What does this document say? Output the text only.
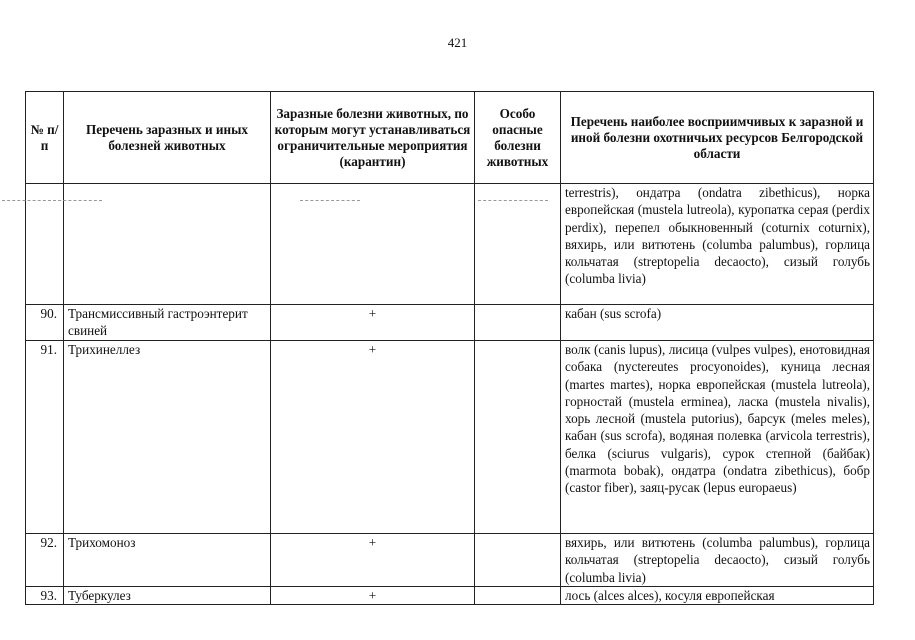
421
№ п/п	Перечень заразных и иных болезней животных	Заразные болезни животных, по которым могут устанавливаться ограничительные мероприятия (карантин)	Особо опасные болезни животных	Перечень наиболее восприимчивых к заразной и иной болезни охотничьих ресурсов Белгородской области
				terrestris), ондатра (ondatra zibethicus), норка европейская (mustela lutreola), куропатка серая (perdix perdix), перепел обыкновенный (coturnix coturnix), вяхирь, или витютень (columba palumbus), горлица кольчатая (streptopelia decaocto), сизый голубь (columba livia)
90.	Трансмиссивный гастроэнтерит свиней	+		кабан (sus scrofa)
91.	Трихинеллез	+		волк (canis lupus), лисица (vulpes vulpes), енотовидная собака (nyctereutes procyonoides), куница лесная (martes martes), норка европейская (mustela lutreola), горностай (mustela erminea), ласка (mustela nivalis), хорь лесной (mustela putorius), барсук (meles meles), кабан (sus scrofa), водяная полевка (arvicola terrestris), белка (sciurus vulgaris), сурок степной (байбак) (marmota bobak), ондатра (ondatra zibethicus), бобр (castor fiber), заяц-русак (lepus europaeus)
92.	Трихомоноз	+		вяхирь, или витютень (columba palumbus), горлица кольчатая (streptopelia decaocto), сизый голубь (columba livia)
93.	Туберкулез	+		лось (alces alces), косуля европейская
